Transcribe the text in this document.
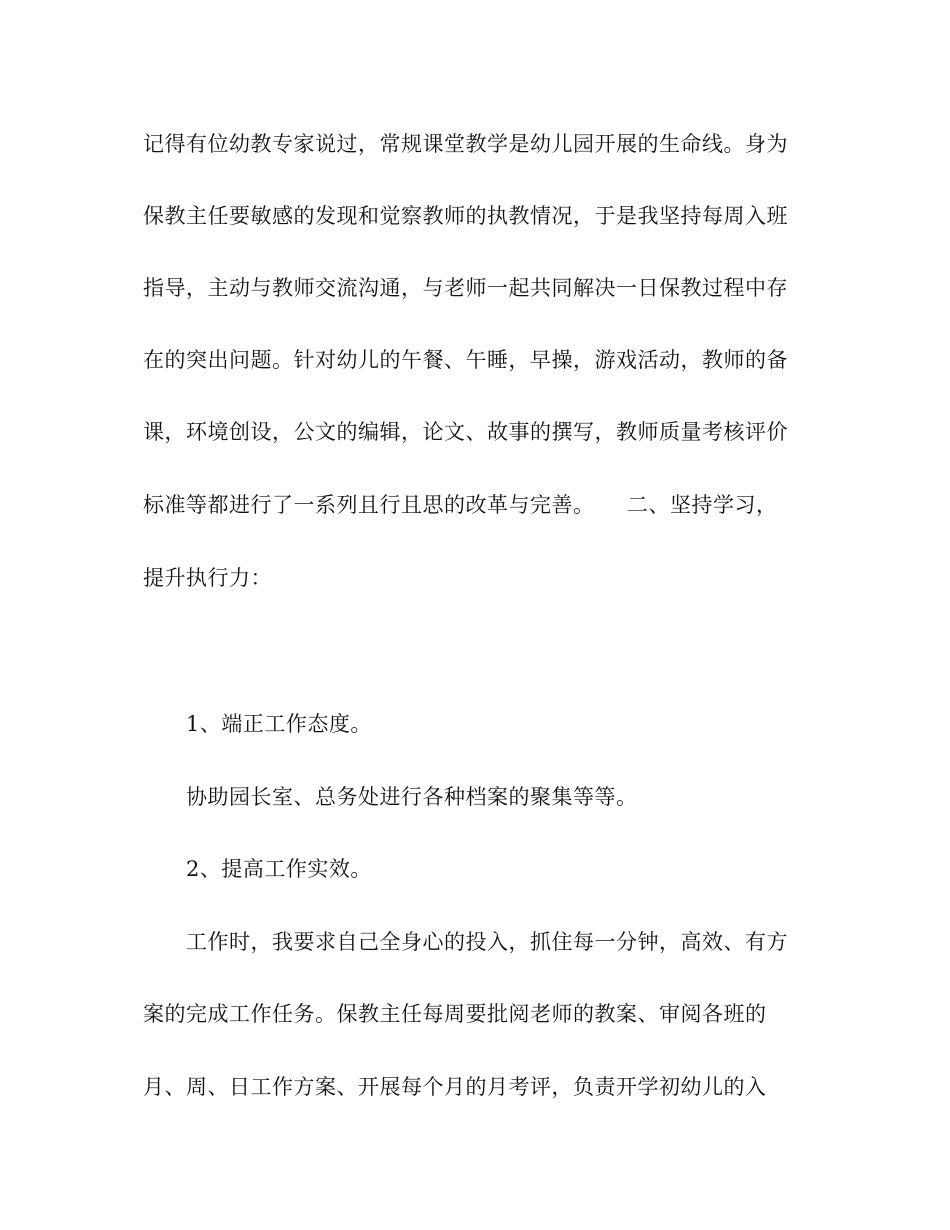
记得有位幼教专家说过，常规课堂教学是幼儿园开展的生命线。身为
保教主任要敏感的发现和觉察教师的执教情况，于是我坚持每周入班
指导，主动与教师交流沟通，与老师一起共同解决一日保教过程中存
在的突出问题。针对幼儿的午餐、午睡，早操，游戏活动，教师的备
课，环境创设，公文的编辑，论文、故事的撰写，教师质量考核评价
标准等都进行了一系列且行且思的改革与完善。　　二、坚持学习，
提升执行力：
1、端正工作态度。
协助园长室、总务处进行各种档案的聚集等等。
2、提高工作实效。
工作时，我要求自己全身心的投入，抓住每一分钟，高效、有方
案的完成工作任务。保教主任每周要批阅老师的教案、审阅各班的
月、周、日工作方案、开展每个月的月考评，负责开学初幼儿的入
